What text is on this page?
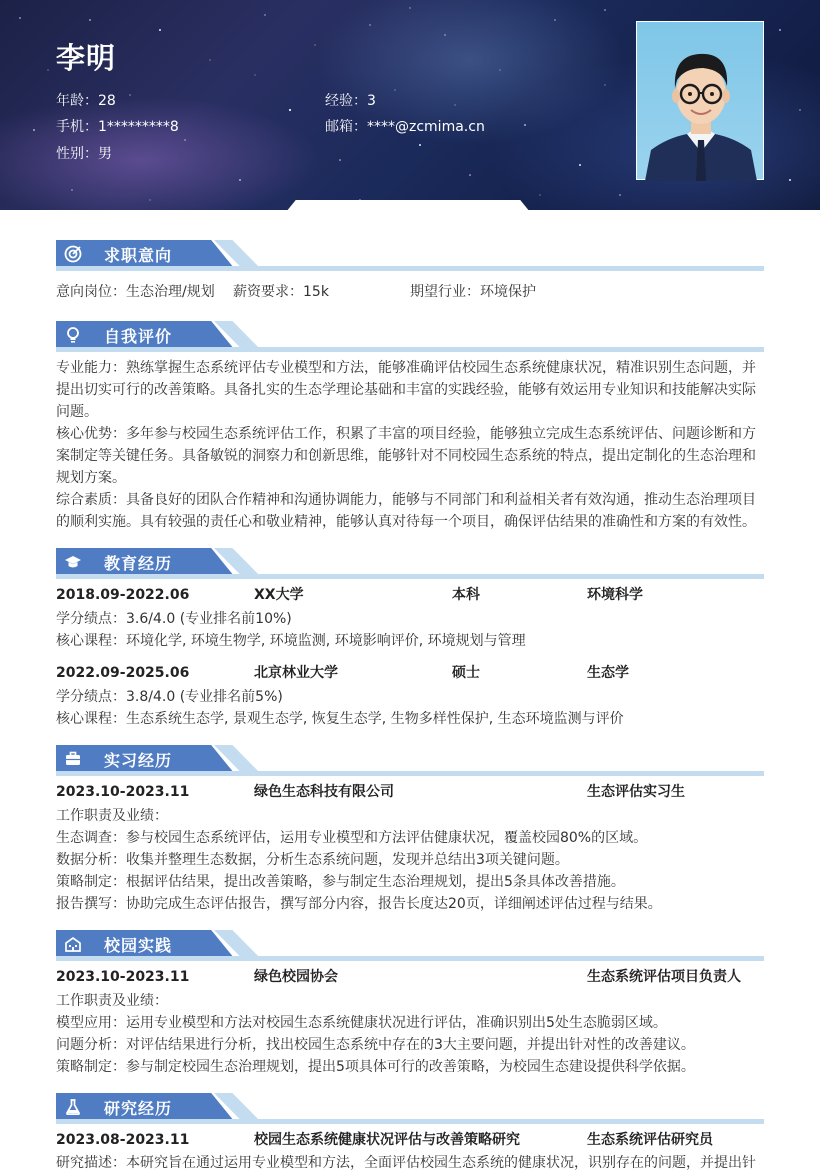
李明
年龄：28	经验：3
手机：1*********8	邮箱：****@zcmima.cn
性别：男
求职意向
意向岗位：生态治理/规划 薪资要求：15k	期望行业：环境保护
自我评价
专业能力：熟练掌握生态系统评估专业模型和方法，能够准确评估校园生态系统健康状况，精准识别生态问题，并提出切实可行的改善策略。具备扎实的生态学理论基础和丰富的实践经验，能够有效运用专业知识和技能解决实际问题。
核心优势：多年参与校园生态系统评估工作，积累了丰富的项目经验，能够独立完成生态系统评估、问题诊断和方案制定等关键任务。具备敏锐的洞察力和创新思维，能够针对不同校园生态系统的特点，提出定制化的生态治理和规划方案。
综合素质：具备良好的团队合作精神和沟通协调能力，能够与不同部门和利益相关者有效沟通，推动生态治理项目的顺利实施。具有较强的责任心和敬业精神，能够认真对待每一个项目，确保评估结果的准确性和方案的有效性。
教育经历
2018.09-2022.06	XX大学	本科	环境科学
学分绩点：3.6/4.0 (专业排名前10%)
核心课程：环境化学, 环境生物学, 环境监测, 环境影响评价, 环境规划与管理
2022.09-2025.06	北京林业大学	硕士	生态学
学分绩点：3.8/4.0 (专业排名前5%)
核心课程：生态系统生态学, 景观生态学, 恢复生态学, 生物多样性保护, 生态环境监测与评价
实习经历
2023.10-2023.11	绿色生态科技有限公司	生态评估实习生
工作职责及业绩：
生态调查：参与校园生态系统评估，运用专业模型和方法评估健康状况，覆盖校园80%的区域。
数据分析：收集并整理生态数据，分析生态系统问题，发现并总结出3项关键问题。
策略制定：根据评估结果，提出改善策略，参与制定生态治理规划，提出5条具体改善措施。
报告撰写：协助完成生态评估报告，撰写部分内容，报告长度达20页，详细阐述评估过程与结果。
校园实践
2023.10-2023.11	绿色校园协会	生态系统评估项目负责人
工作职责及业绩：
模型应用：运用专业模型和方法对校园生态系统健康状况进行评估，准确识别出5处生态脆弱区域。
问题分析：对评估结果进行分析，找出校园生态系统中存在的3大主要问题，并提出针对性的改善建议。
策略制定：参与制定校园生态治理规划，提出5项具体可行的改善策略，为校园生态建设提供科学依据。
研究经历
2023.08-2023.11	校园生态系统健康状况评估与改善策略研究	生态系统评估研究员
研究描述：本研究旨在通过运用专业模型和方法，全面评估校园生态系统的健康状况，识别存在的问题，并提出针
